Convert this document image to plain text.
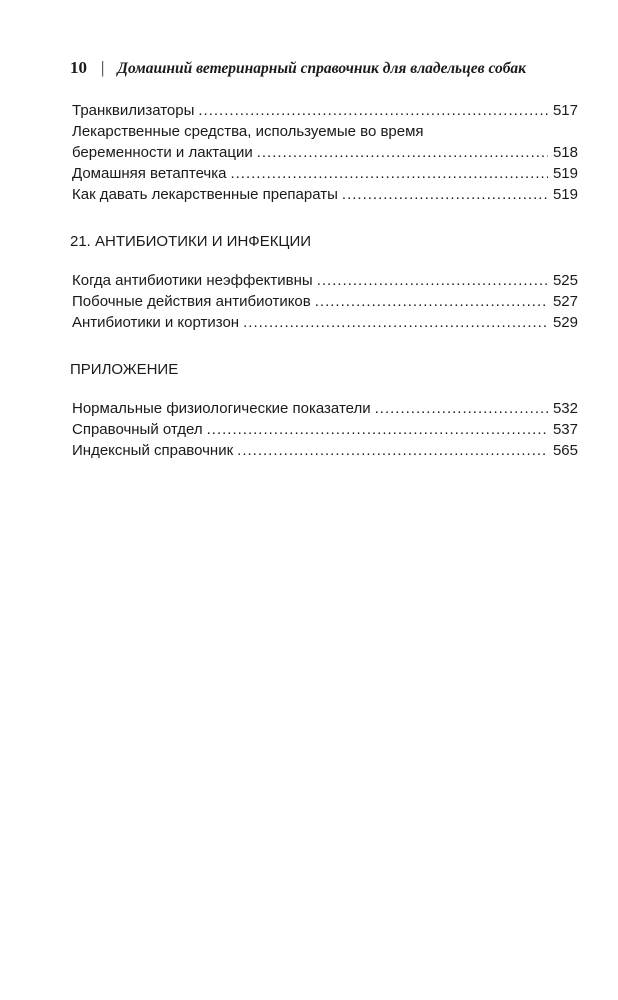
10 | Домашний ветеринарный справочник для владельцев собак
Транквилизаторы .....	517
Лекарственные средства, используемые во время
беременности и лактации .....	518
Домашняя ветаптечка .....	519
Как давать лекарственные препараты .....	519
21. АНТИБИОТИКИ И ИНФЕКЦИИ
Когда антибиотики неэффективны .....	525
Побочные действия антибиотиков .....	527
Антибиотики и кортизон .....	529
ПРИЛОЖЕНИЕ
Нормальные физиологические показатели .....	532
Справочный отдел .....	537
Индексный справочник .....	565
